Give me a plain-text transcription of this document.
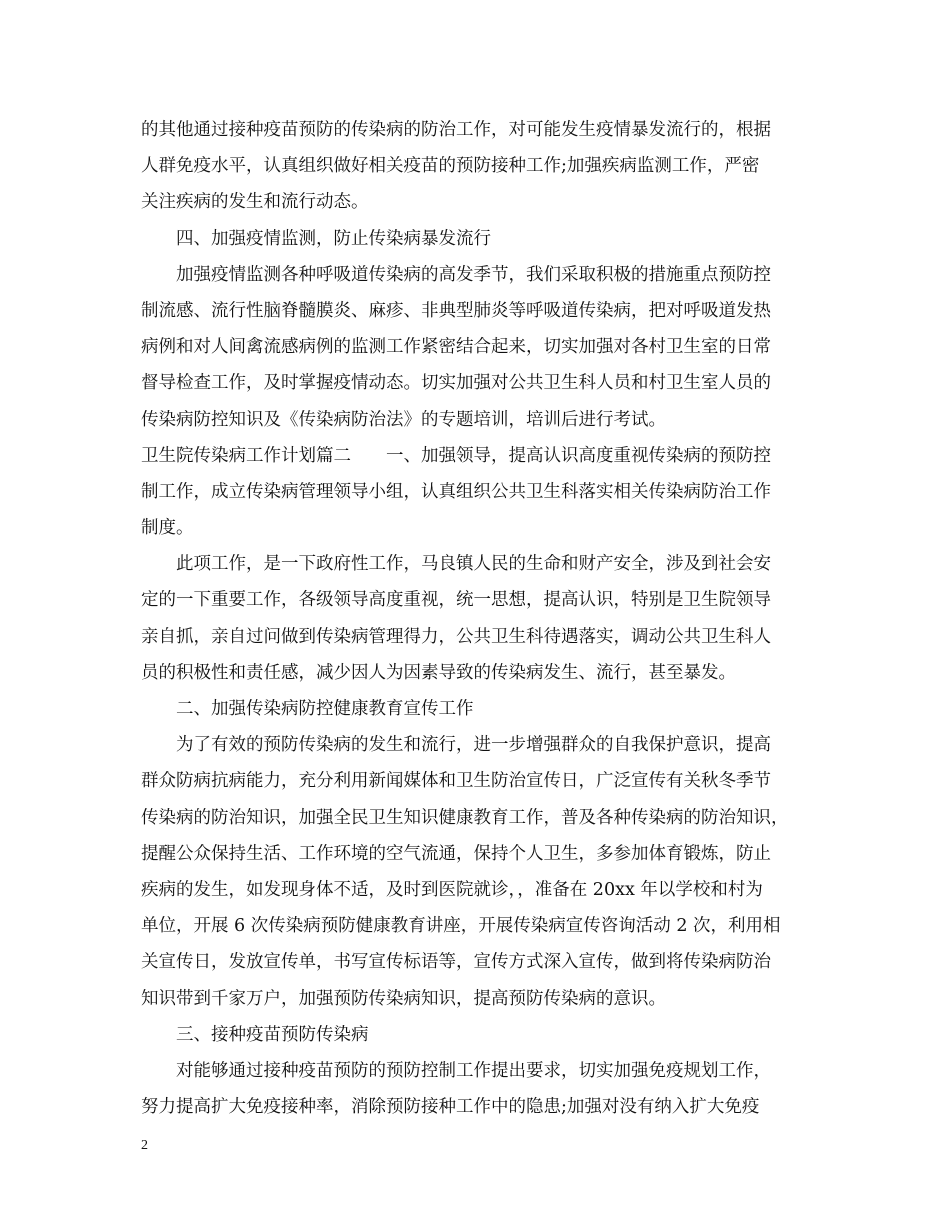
的其他通过接种疫苗预防的传染病的防治工作，对可能发生疫情暴发流行的，根据
人群免疫水平，认真组织做好相关疫苗的预防接种工作;加强疾病监测工作，严密
关注疾病的发生和流行动态。
四、加强疫情监测，防止传染病暴发流行
加强疫情监测各种呼吸道传染病的高发季节，我们采取积极的措施重点预防控
制流感、流行性脑脊髓膜炎、麻疹、非典型肺炎等呼吸道传染病，把对呼吸道发热
病例和对人间禽流感病例的监测工作紧密结合起来，切实加强对各村卫生室的日常
督导检查工作，及时掌握疫情动态。切实加强对公共卫生科人员和村卫生室人员的
传染病防控知识及《传染病防治法》的专题培训，培训后进行考试。
卫生院传染病工作计划篇二　　一、加强领导，提高认识高度重视传染病的预防控
制工作，成立传染病管理领导小组，认真组织公共卫生科落实相关传染病防治工作
制度。
此项工作，是一下政府性工作，马良镇人民的生命和财产安全，涉及到社会安
定的一下重要工作，各级领导高度重视，统一思想，提高认识，特别是卫生院领导
亲自抓，亲自过问做到传染病管理得力，公共卫生科待遇落实，调动公共卫生科人
员的积极性和责任感，减少因人为因素导致的传染病发生、流行，甚至暴发。
二、加强传染病防控健康教育宣传工作
为了有效的预防传染病的发生和流行，进一步增强群众的自我保护意识，提高
群众防病抗病能力，充分利用新闻媒体和卫生防治宣传日，广泛宣传有关秋冬季节
传染病的防治知识，加强全民卫生知识健康教育工作，普及各种传染病的防治知识，
提醒公众保持生活、工作环境的空气流通，保持个人卫生，多参加体育锻炼，防止
疾病的发生，如发现身体不适，及时到医院就诊，，准备在 20xx 年以学校和村为
单位，开展 6 次传染病预防健康教育讲座，开展传染病宣传咨询活动 2 次，利用相
关宣传日，发放宣传单，书写宣传标语等，宣传方式深入宣传，做到将传染病防治
知识带到千家万户，加强预防传染病知识，提高预防传染病的意识。
三、接种疫苗预防传染病
对能够通过接种疫苗预防的预防控制工作提出要求，切实加强免疫规划工作，
努力提高扩大免疫接种率，消除预防接种工作中的隐患;加强对没有纳入扩大免疫
2
